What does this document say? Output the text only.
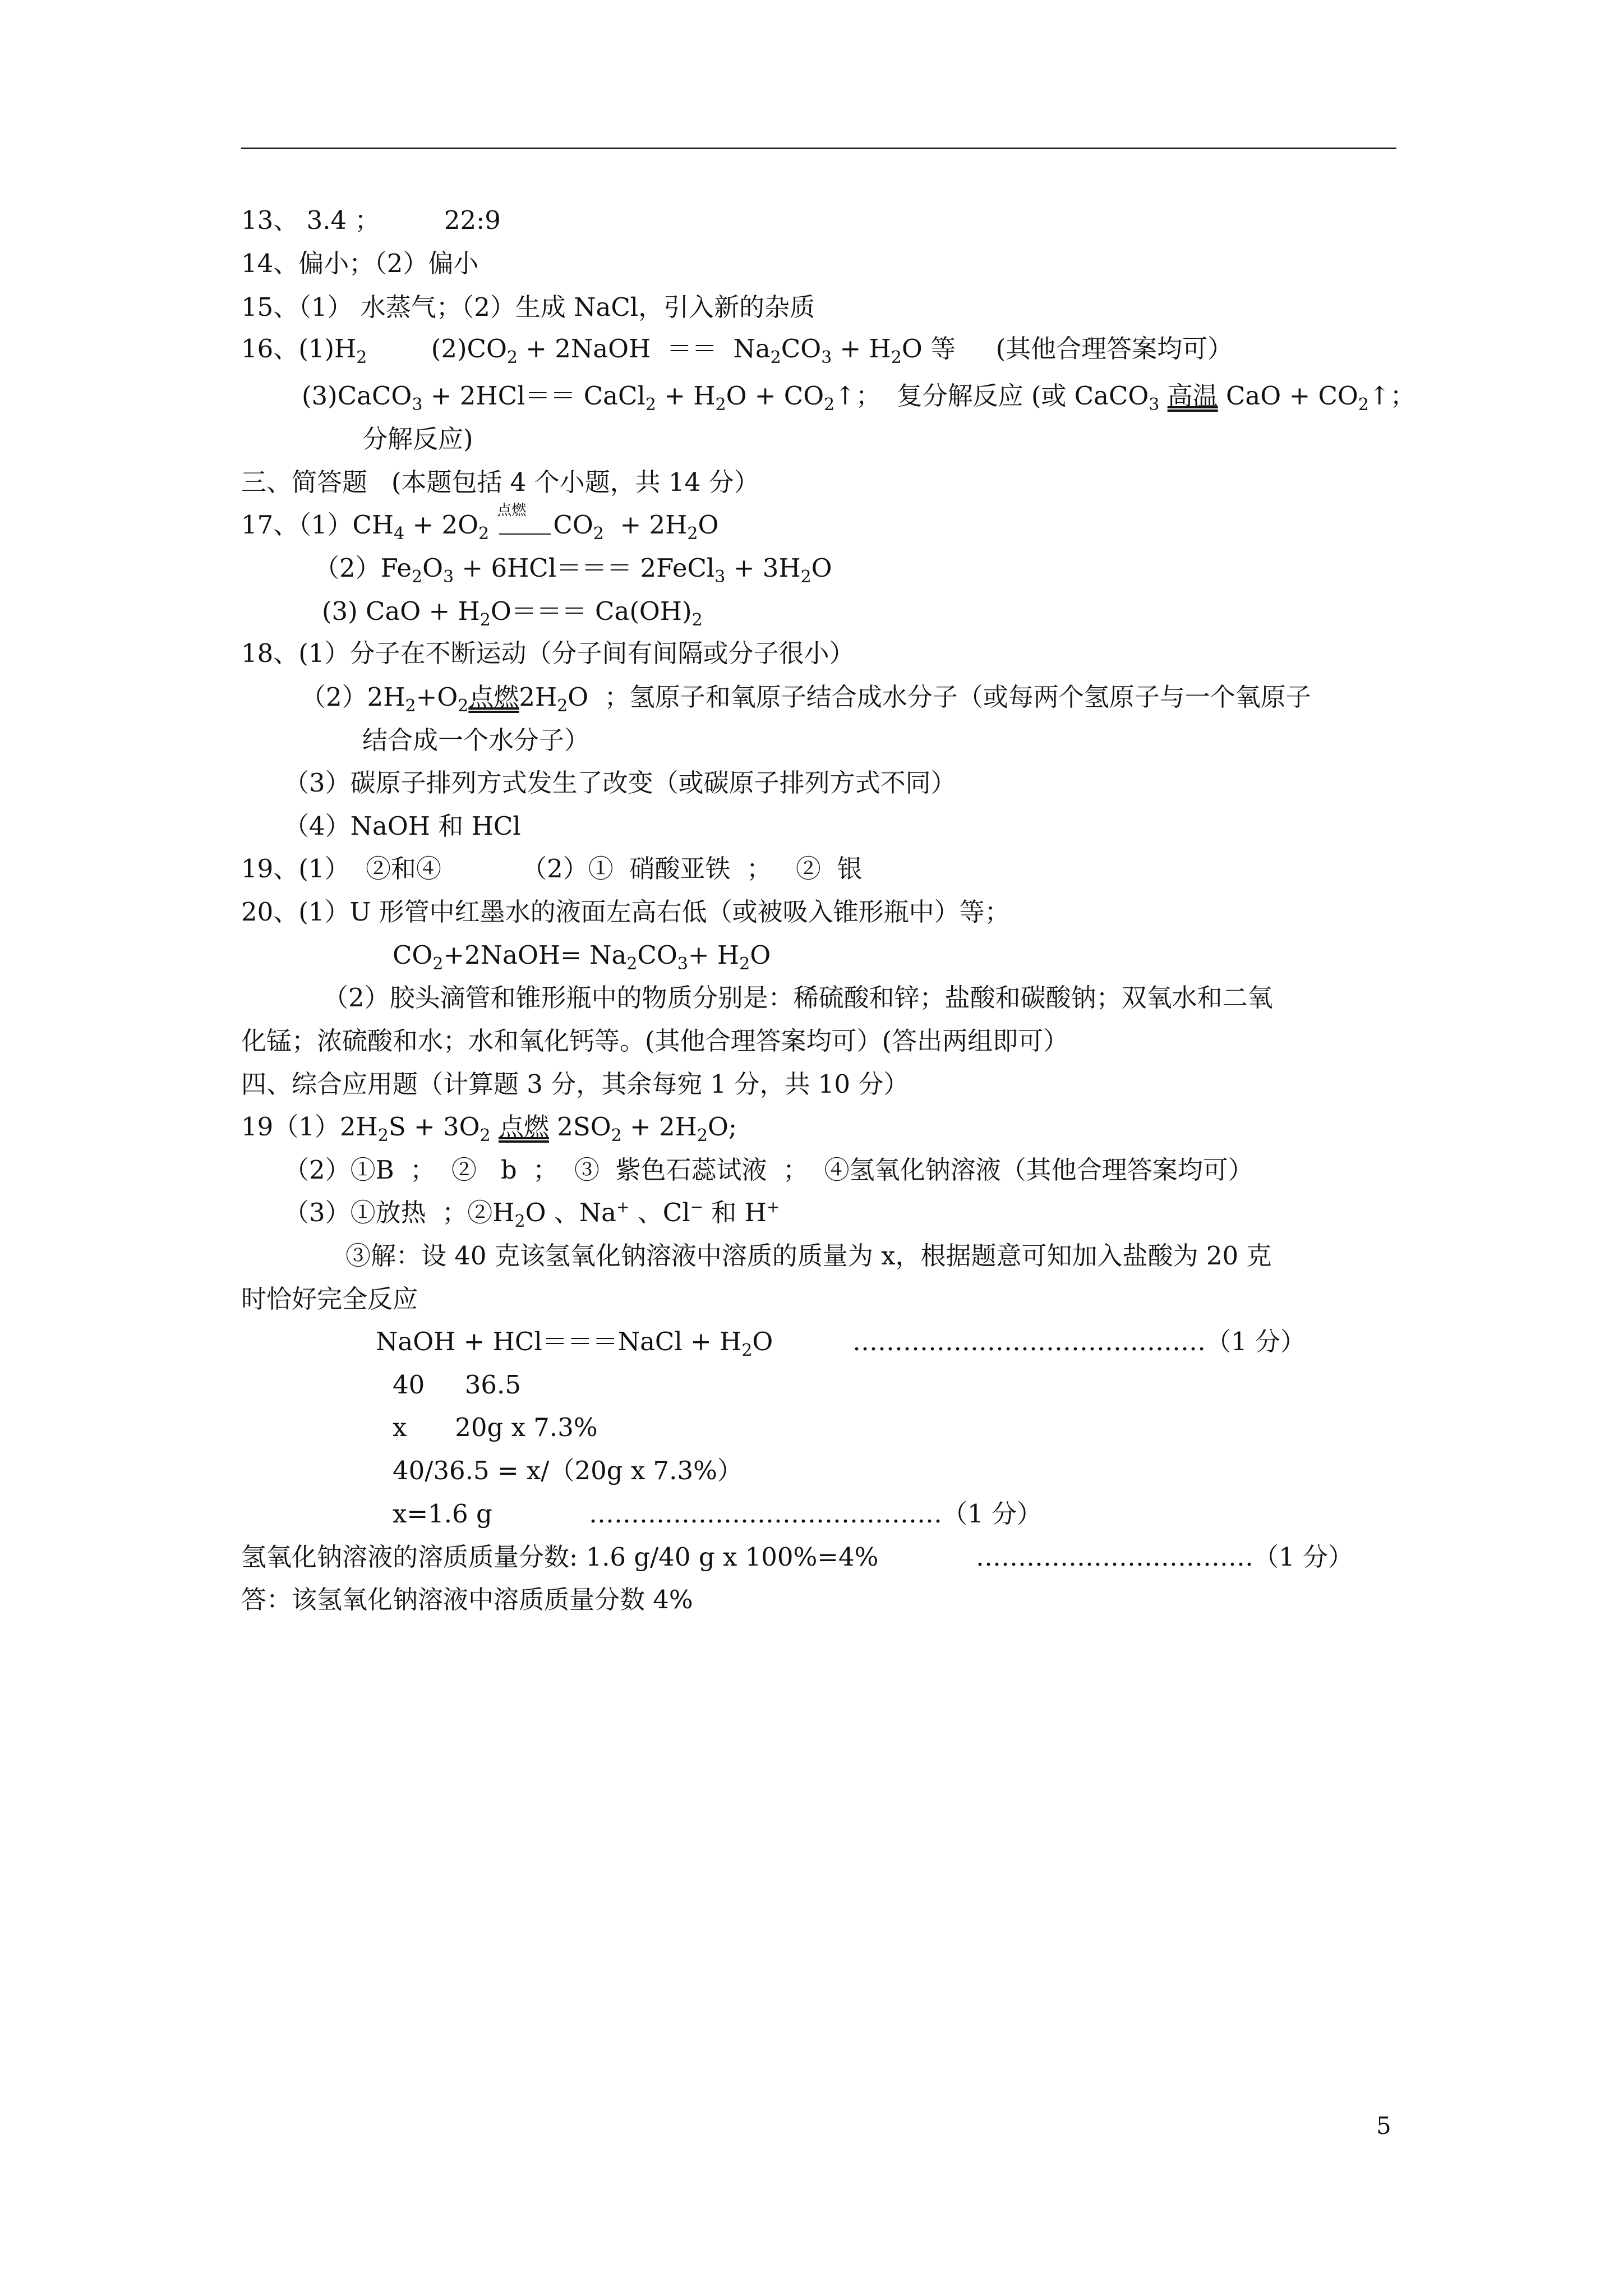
13、 3.4 ；        22:9
14、偏小；（2）偏小
15、（1） 水蒸气；（2）生成 NaCl，引入新的杂质
16、$(1)H_2$	$(2)CO_2$ + 2NaOH  ＝＝  $Na_2CO_3 + H_2O$ 等     (其他合理答案均可）
(3)CaCO$_3$ + 2HCl＝＝ CaCl$_2$ + $H_2O$ + $CO_2↑$；  复分解反应 (或 CaCO$_3$ 高温 CaO + $CO_2↑$；
分解反应)
三、简答题   (本题包括 4 个小题，共 14 分）
17、$(1)CH_4 + 2O_2$
点燃 $CO_2 + 2H_2O$
$(2)Fe_2O_3 + 6HCl===$ 2FeCl$_3$ + $3H_2O$
(3) CaO + $H_2O=== Ca(OH)_2$
18、(1）分子在不断运动（分子间有间隔或分子很小）
$(2)2H_2+O_2$点燃$2H_2O$  ；氢原子和氧原子结合成水分子（或每两个氢原子与一个氧原子
结合成一个水分子）
（3）碳原子排列方式发生了改变（或碳原子排列方式不同）
（4）NaOH 和 HCl
19、(1）  ②和④          （2）①  硝酸亚铁  ；   ②  银
20、(1）U 形管中红墨水的液面左高右低（或被吸入锥形瓶中）等；
$CO_2+2NaOH= Na_2CO_3+ H_2O$
（2）胶头滴管和锥形瓶中的物质分别是：稀硫酸和锌；盐酸和碳酸钠；双氧水和二氧
化锰；浓硫酸和水；水和氧化钙等。(其他合理答案均可）(答出两组即可）
四、综合应用题（计算题 3 分，其余每宛 1 分，共 10 分）
$19(1)2H_2S + 3O_2$ 点燃 $2SO_2 + 2H_2O$;
（2）①B  ；  ②   b  ；  ③  紫色石蕊试液  ；  ④氢氧化钠溶液（其他合理答案均可）
（3）①放热  ；$②H_2O$ 、Na+ 、Cl− 和 H+
③解：设 40 克该氢氧化钠溶液中溶质的质量为 x，根据题意可知加入盐酸为 20 克
时恰好完全反应
NaOH + HCl＝＝＝NaCl + $H_2O$	……………………………………（1 分）
40     36.5
x      20g x 7.3%
40/36.5 = x/（20g x 7.3%）
x=1.6 g	……………………………………（1 分）
氢氧化钠溶液的溶质质量分数: 1.6 g/40 g x 100%=4%	……………………………（1 分）
答：该氢氧化钠溶液中溶质质量分数 4%
5
